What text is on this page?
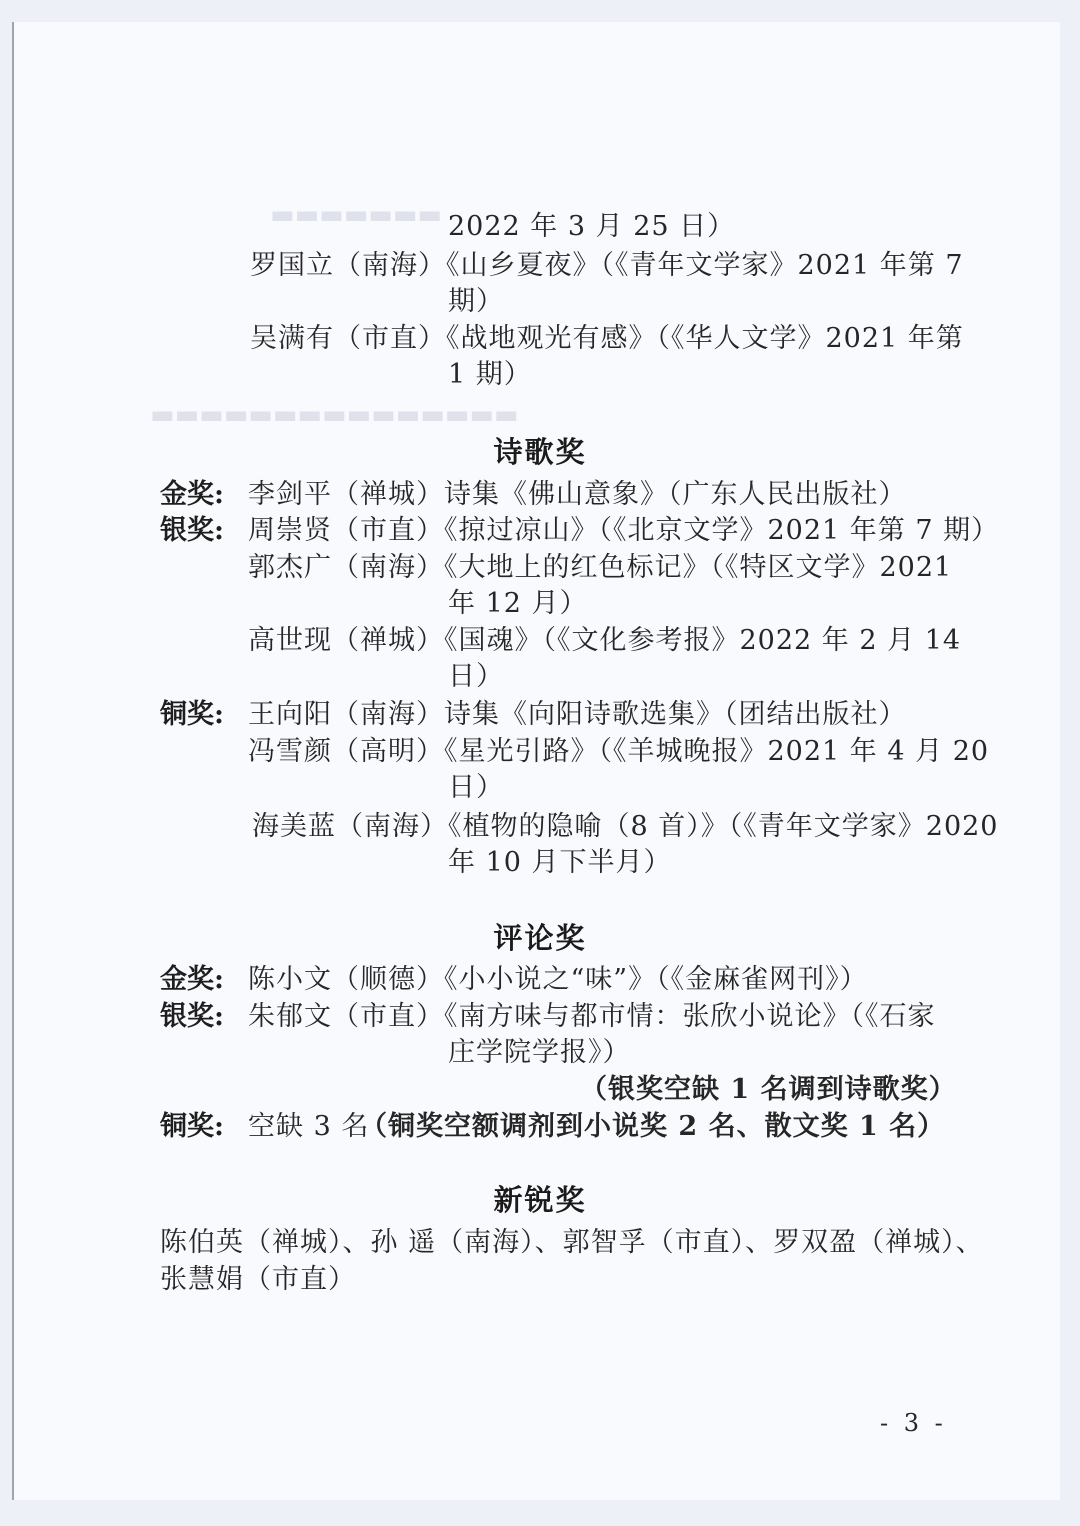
▬▬▬▬▬▬▬
▬▬▬▬▬▬▬▬▬▬▬▬▬▬▬
2022 年 3 月 25 日）
罗国立（南海）《山乡夏夜》（《青年文学家》2021 年第 7
期）
吴满有（市直）《战地观光有感》（《华人文学》2021 年第
1 期）
诗歌奖
金奖: 李剑平（禅城）诗集《佛山意象》（广东人民出版社）
银奖: 周崇贤（市直）《掠过凉山》（《北京文学》2021 年第 7 期）
郭杰广（南海）《大地上的红色标记》（《特区文学》2021
年 12 月）
高世现（禅城）《国魂》（《文化参考报》2022 年 2 月 14
日）
铜奖: 王向阳（南海）诗集《向阳诗歌选集》（团结出版社）
冯雪颜（高明）《星光引路》（《羊城晚报》2021 年 4 月 20
日）
海美蓝（南海）《植物的隐喻（8 首）》（《青年文学家》2020
年 10 月下半月）
评论奖
金奖: 陈小文（顺德）《小小说之“味”》（《金麻雀网刊》）
银奖: 朱郁文（市直）《南方味与都市情：张欣小说论》（《石家
庄学院学报》）
（银奖空缺 1 名调到诗歌奖）
铜奖: 空缺 3 名
（铜奖空额调剂到小说奖 2 名、散文奖 1 名）
新锐奖
陈伯英（禅城）、孙 遥（南海）、郭智孚（市直）、罗双盈（禅城）、
张慧娟（市直）
- 3 -
